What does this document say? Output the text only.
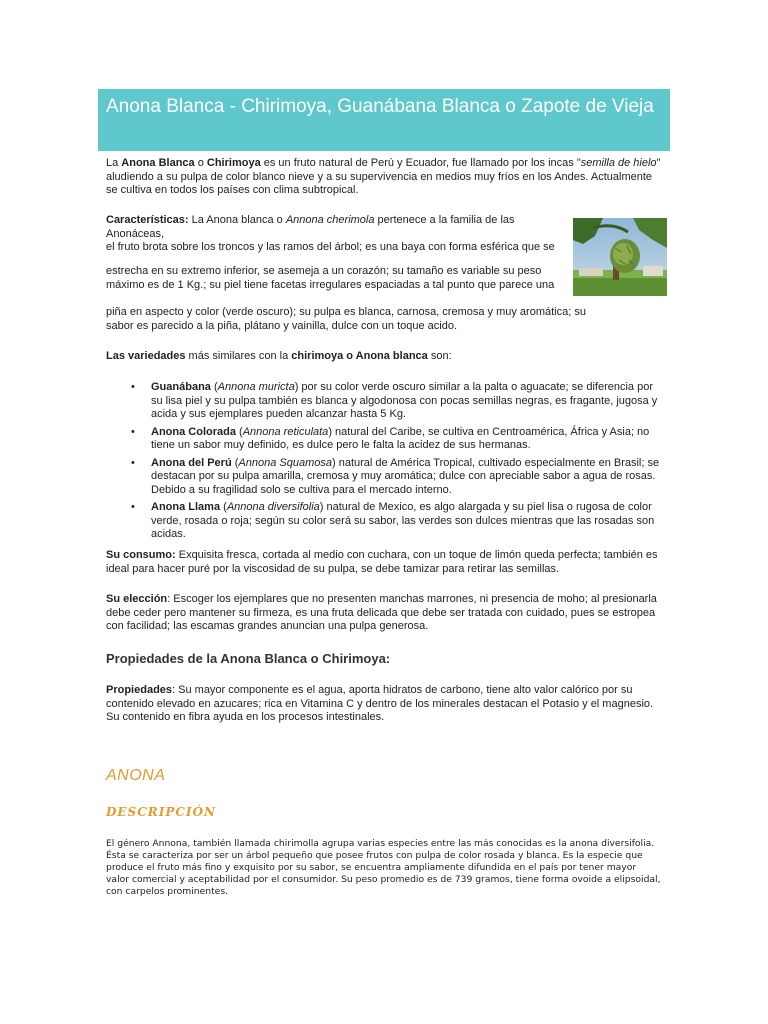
Anona Blanca - Chirimoya, Guanábana Blanca o Zapote de Vieja

La Anona Blanca o Chirimoya es un fruto natural de Perú y Ecuador, fue llamado por los incas "semilla de hielo" aludiendo a su pulpa de color blanco nieve y a su supervivencia en medios muy fríos en los Andes. Actualmente se cultiva en todos los países con clima subtropical.

Características: La Anona blanca o Annona cherimola pertenece a la familia de las Anonáceas,
el fruto brota sobre los troncos y las ramos del árbol; es una baya con forma esférica que se

estrecha en su extremo inferior, se asemeja a un corazón; su tamaño es variable su peso máximo es de 1 Kg.; su piel tiene facetas irregulares espaciadas a tal punto que parece una

piña en aspecto y color (verde oscuro); su pulpa es blanca, carnosa, cremosa y muy aromática; su sabor es parecido a la piña, plátano y vainilla, dulce con un toque acido.

Las variedades más similares con la chirimoya o Anona blanca son:

• Guanábana (Annona muricta) por su color verde oscuro similar a la palta o aguacate; se diferencia por su lisa piel y su pulpa también es blanca y algodonosa con pocas semillas negras, es fragante, jugosa y acida y sus ejemplares pueden alcanzar hasta 5 Kg.
• Anona Colorada (Annona reticulata) natural del Caribe, se cultiva en Centroamérica, África y Asia; no tiene un sabor muy definido, es dulce pero le falta la acidez de sus hermanas.
• Anona del Perú (Annona Squamosa) natural de América Tropical, cultivado especialmente en Brasil; se destacan por su pulpa amarilla, cremosa y muy aromática; dulce con apreciable sabor a agua de rosas. Debido a su fragilidad solo se cultiva para el mercado interno.
• Anona Llama (Annona diversifolia) natural de Mexico, es algo alargada y su piel lisa o rugosa de color verde, rosada o roja; según su color será su sabor, las verdes son dulces mientras que las rosadas son acidas.

Su consumo: Exquisita fresca, cortada al medio con cuchara, con un toque de limón queda perfecta; también es ideal para hacer puré por la viscosidad de su pulpa, se debe tamizar para retirar las semillas.

Su elección: Escoger los ejemplares que no presenten manchas marrones, ni presencia de moho; al presionarla debe ceder pero mantener su firmeza, es una fruta delicada que debe ser tratada con cuidado, pues se estropea con facilidad; las escamas grandes anuncian una pulpa generosa.

Propiedades de la Anona Blanca o Chirimoya:

Propiedades: Su mayor componente es el agua, aporta hidratos de carbono, tiene alto valor calórico por su contenido elevado en azucares; rica en Vitamina C y dentro de los minerales destacan el Potasio y el magnesio. Su contenido en fibra ayuda en los procesos intestinales.

ANONA
DESCRIPCIÓN

El género Annona, también llamada chirimolla agrupa varias especies entre las más conocidas es la anona diversifolia. Ésta se caracteriza por ser un árbol pequeño que posee frutos con pulpa de color rosada y blanca. Es la especie que produce el fruto más fino y exquisito por su sabor, se encuentra ampliamente difundida en el país por tener mayor valor comercial y aceptabilidad por el consumidor. Su peso promedio es de 739 gramos, tiene forma ovoide a elipsoidal, con carpelos prominentes.
